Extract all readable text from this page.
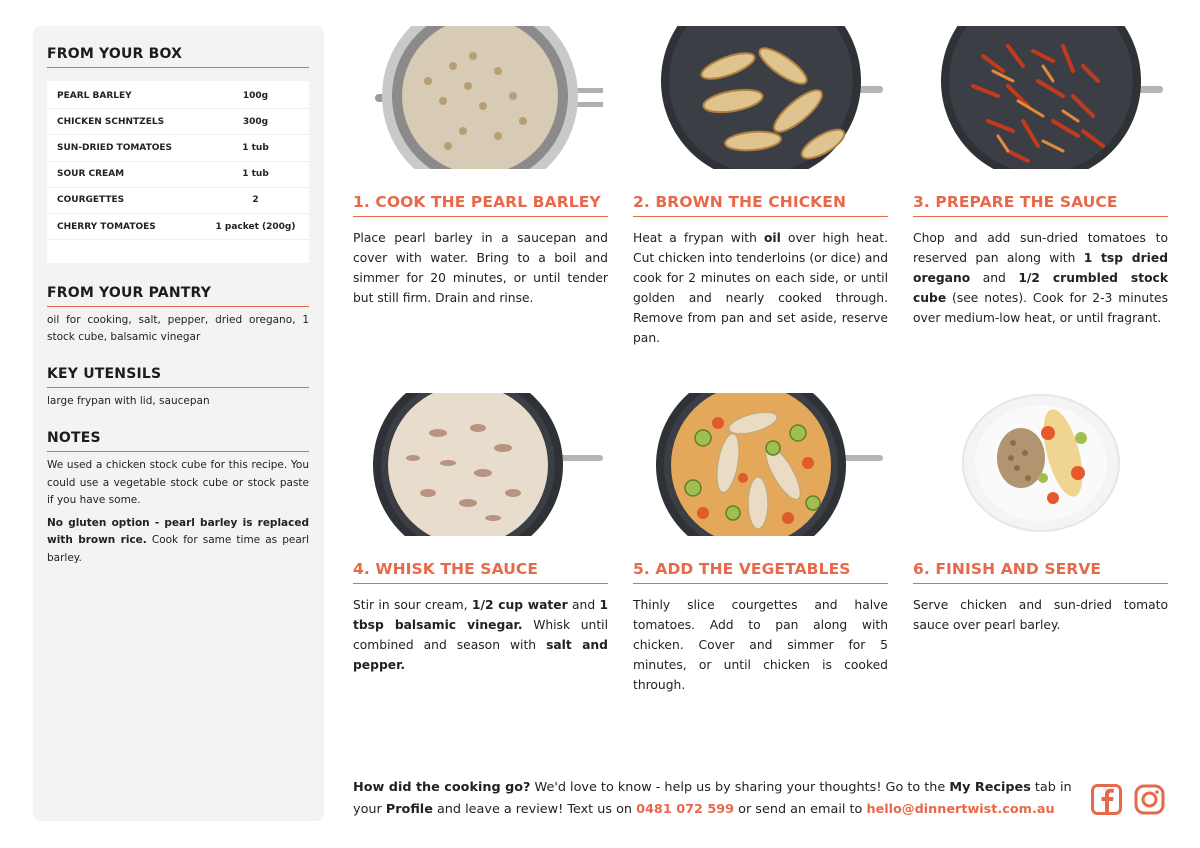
FROM YOUR BOX
PEARL BARLEY	100g
CHICKEN SCHNTZELS	300g
SUN-DRIED TOMATOES	1 tub
SOUR CREAM	1 tub
COURGETTES	2
CHERRY TOMATOES	1 packet (200g)
FROM YOUR PANTRY
oil for cooking, salt, pepper, dried oregano, 1 stock cube, balsamic vinegar
KEY UTENSILS
large frypan with lid, saucepan
NOTES

We used a chicken stock cube for this recipe. You could use a vegetable stock cube or stock paste if you have some.

No gluten option - pearl barley is replaced with brown rice. Cook for same time as pearl barley.

1. COOK THE PEARL BARLEY
Place pearl barley in a saucepan and cover with water. Bring to a boil and simmer for 20 minutes, or until tender but still firm. Drain and rinse.
2. BROWN THE CHICKEN
Heat a frypan with oil over high heat. Cut chicken into tenderloins (or dice) and cook for 2 minutes on each side, or until golden and nearly cooked through. Remove from pan and set aside, reserve pan.
3. PREPARE THE SAUCE
Chop and add sun-dried tomatoes to reserved pan along with 1 tsp dried oregano and 1/2 crumbled stock cube (see notes). Cook for 2-3 minutes over medium-low heat, or until fragrant.
4. WHISK THE SAUCE
Stir in sour cream, 1/2 cup water and 1 tbsp balsamic vinegar. Whisk until combined and season with salt and pepper.
5. ADD THE VEGETABLES
Thinly slice courgettes and halve tomatoes. Add to pan along with chicken. Cover and simmer for 5 minutes, or until chicken is cooked through.
6. FINISH AND SERVE
Serve chicken and sun-dried tomato sauce over pearl barley.
How did the cooking go? We'd love to know - help us by sharing your thoughts! Go to the My Recipes tab in your Profile and leave a review! Text us on 0481 072 599 or send an email to hello@dinnertwist.com.au
